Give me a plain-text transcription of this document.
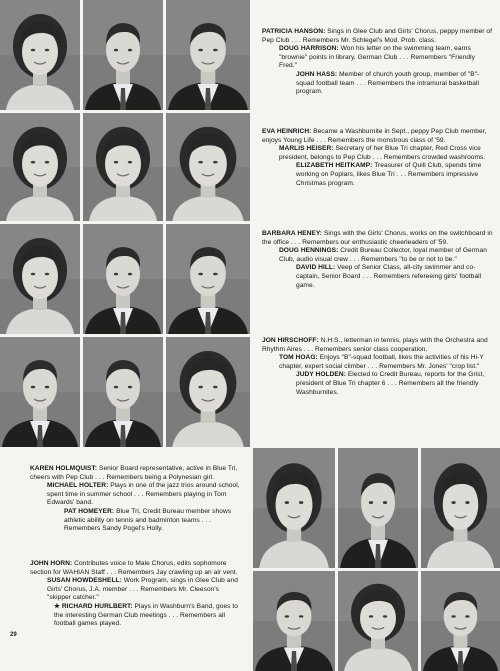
PATRICIA HANSON: Sings in Glee Club and Girls' Chorus, peppy member of Pep Club . . . Remembers Mr. Schlegel's Mod. Prob. class.

DOUG HARRISON: Won his letter on the swimming team, earns "brownie" points in library, German Club . . . Remembers "Friendly Fred."

JOHN HASS: Member of church youth group, member of "B"-squad football team . . . Remembers the intramural basketball program.

EVA HEINRICH: Became a Washburnite in Sept., peppy Pep Club member, enjoys Young Life . . . Remembers the monstrous class of '59.

MARLIS HEISER: Secretary of her Blue Tri chapter, Red Cross vice president, belongs to Pep Club . . . Remembers crowded washrooms.

ELIZABETH HEITKAMP: Treasurer of Quill Club, spends time working on Poplars, likes Blue Tri . . . Remembers impressive Christmas program.

BARBARA HENEY: Sings with the Girls' Chorus, works on the switchboard in the office . . . Remembers our enthusiastic cheerleaders of '59.

DOUG HENNINGS: Credit Bureau Collector, loyal member of German Club, audio visual crew . . . Remembers "to be or not to be."

DAVID HILL: Veep of Senior Class, all-city swimmer and co-captain, Senior Board . . . Remembers refereeing girls' football game.

JON HIRSCHOFF: N.H.S., letterman in tennis, plays with the Orchestra and Rhythm Aires . . . Remembers senior class cooperation.

TOM HOAG: Enjoys "B"-squad football, likes the activities of his Hi-Y chapter, expert social climber . . . Remembers Mr. Jones' "crop list."

JUDY HOLDEN: Elected to Credit Bureau, reports for the Grist, president of Blue Tri chapter 6 . . . Remembers all the friendly Washburnites.

KAREN HOLMQUIST: Senior Board representative, active in Blue Tri, cheers with Pep Club . . . Remembers being a Polynesian girl.

MICHAEL HOLTER: Plays in one of the jazz trios around school, spent time in summer school . . . Remembers playing in Tom Edwards' band.

PAT HOMEYER: Blue Tri, Credit Bureau member shows athletic ability on tennis and badminton teams . . . Remembers Sandy Pogel's Holly.

JOHN HORN: Contributes voice to Male Chorus, edits sophomore section for WAHIAN Staff . . . Remembers Jay crawling up an air vent.

SUSAN HOWDESHELL: Work Program, sings in Glee Club and Girls' Chorus, J.A. member . . . Remembers Mr. Cleeson's "skipper catcher."

★ RICHARD HURLBERT: Plays in Washburn's Band, goes to the interesting German Club meetings . . . Remembers all football games played.

29
